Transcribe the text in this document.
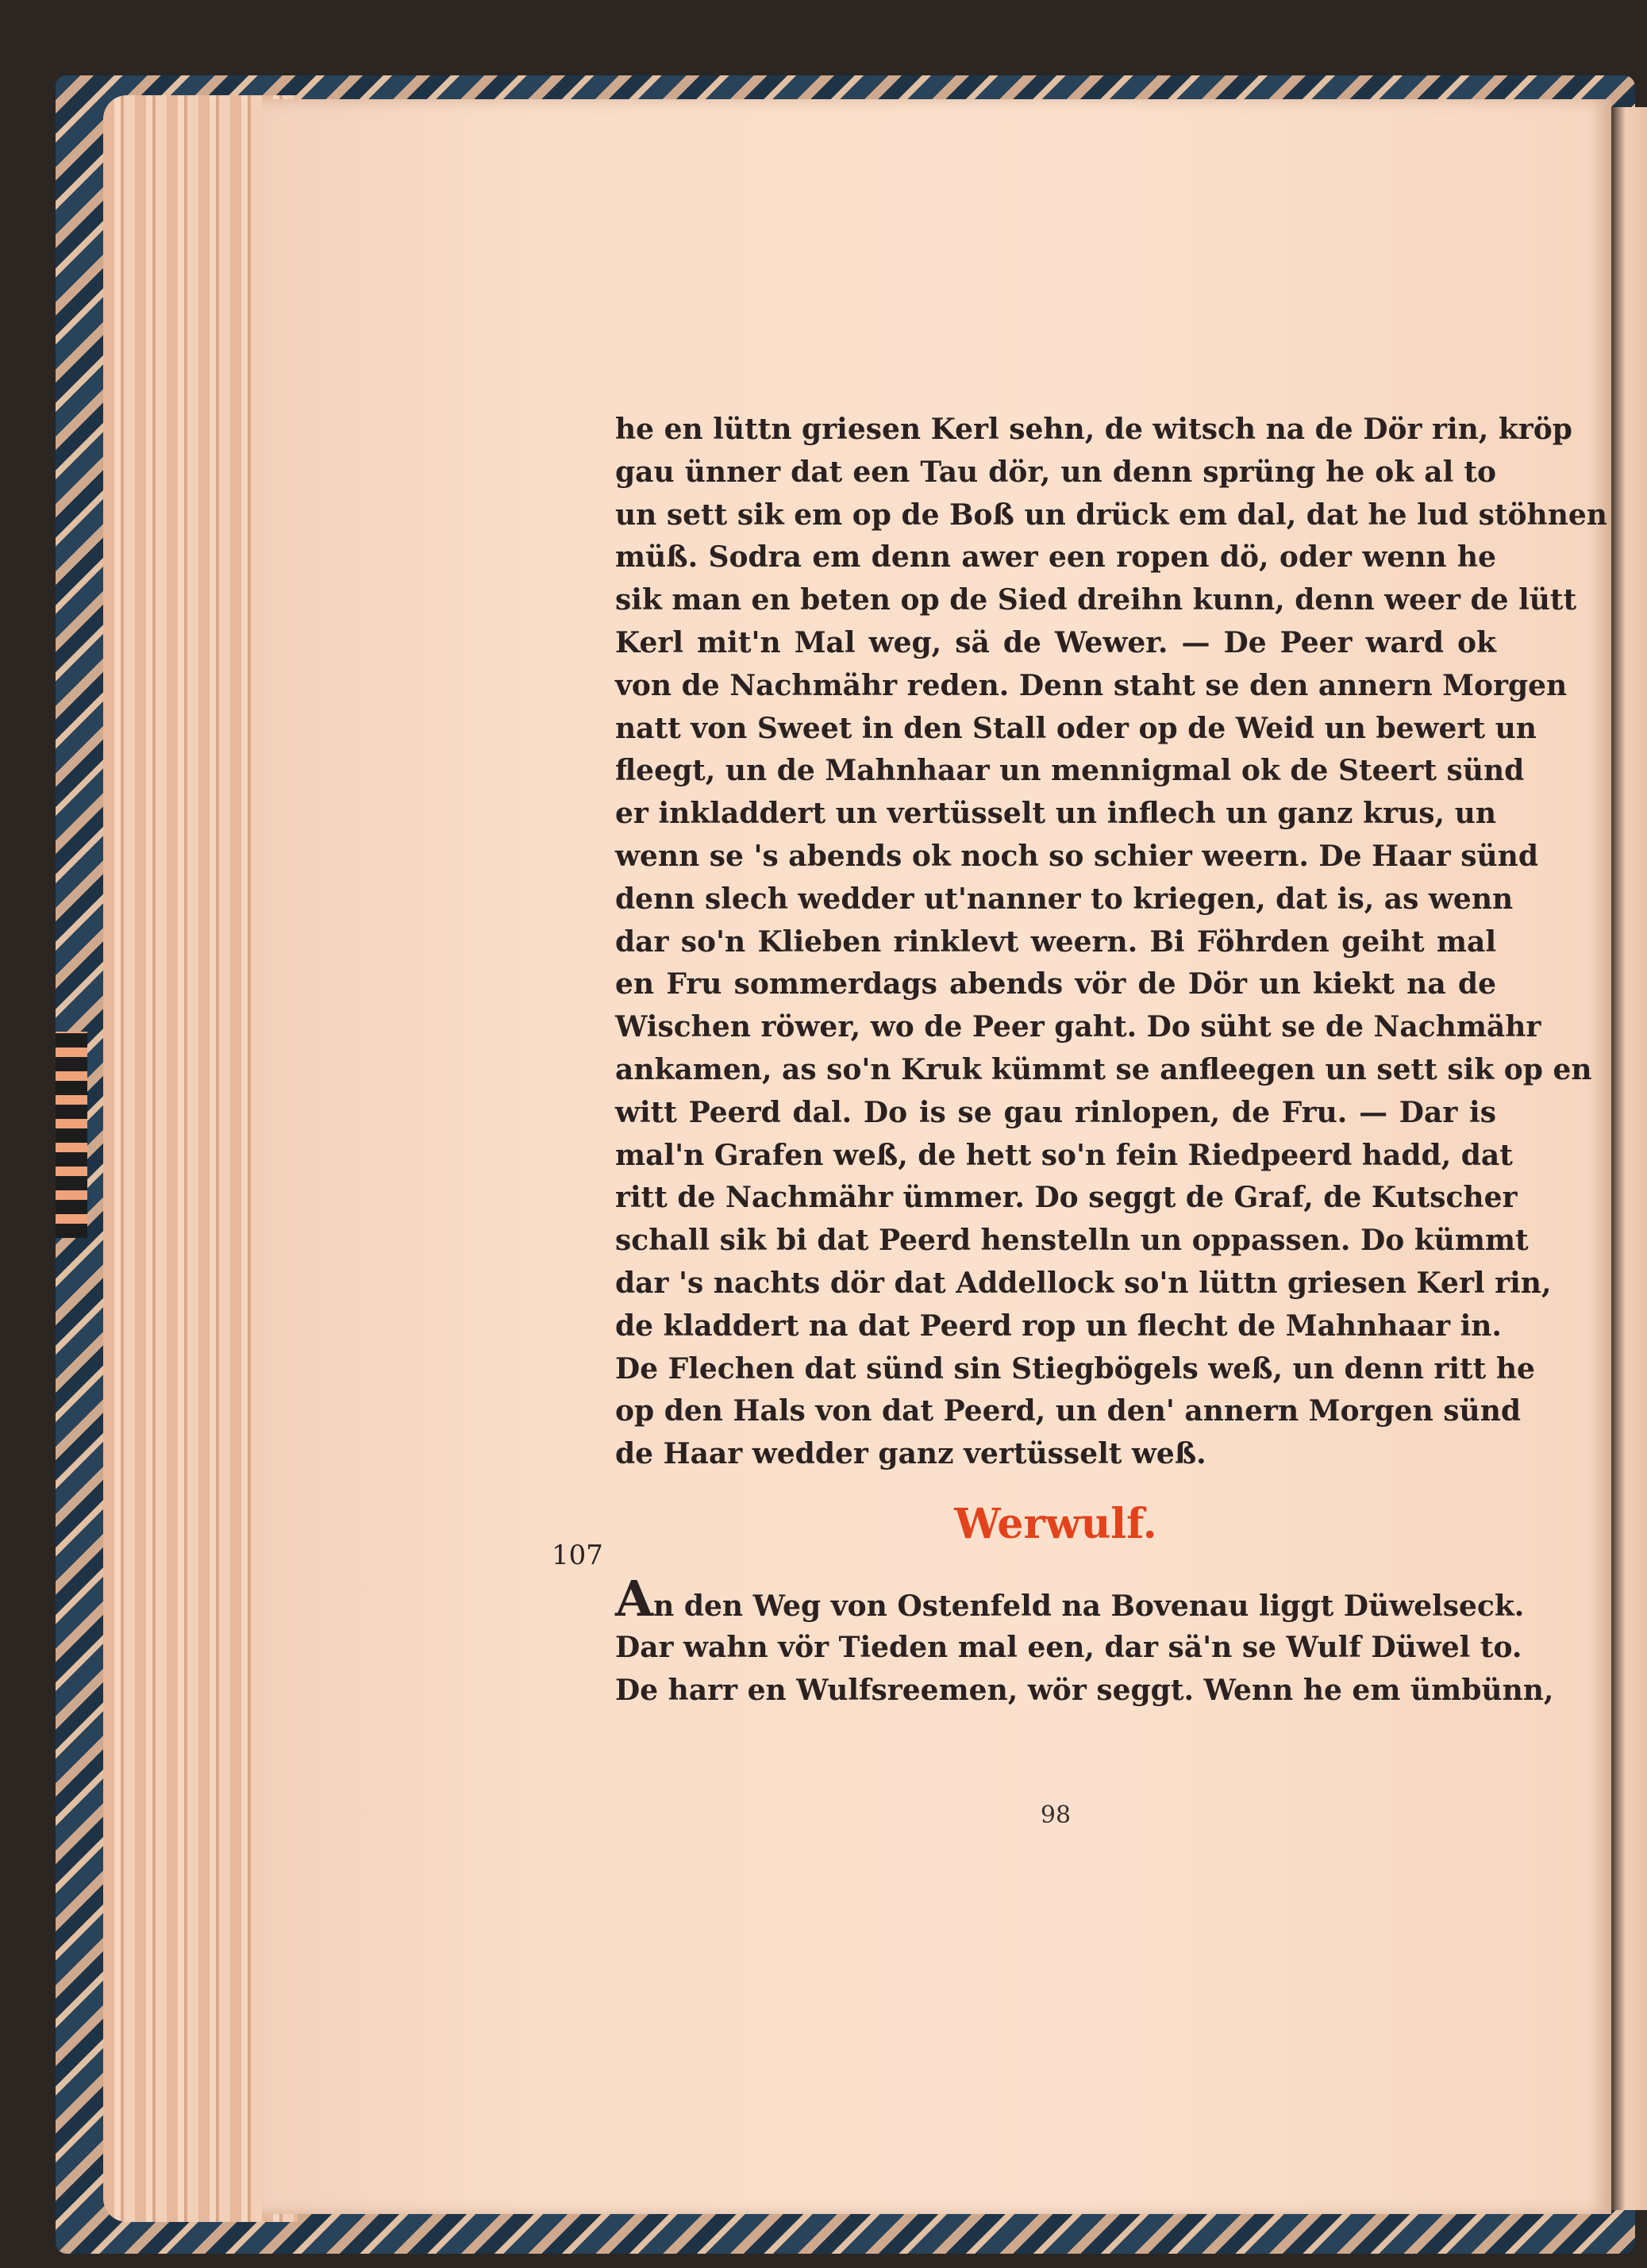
he en lüttn griesen Kerl sehn, de witsch na de Dör rin, kröp
gau ünner dat een Tau dör, un denn sprüng he ok al to
un sett sik em op de Boß un drück em dal, dat he lud stöhnen
müß. Sodra em denn awer een ropen dö, oder wenn he
sik man en beten op de Sied dreihn kunn, denn weer de lütt
Kerl mit'n Mal weg, sä de Wewer. — De Peer ward ok
von de Nachmähr reden. Denn staht se den annern Morgen
natt von Sweet in den Stall oder op de Weid un bewert un
fleegt, un de Mahnhaar un mennigmal ok de Steert sünd
er inkladdert un vertüsselt un inflech un ganz krus, un
wenn se 's abends ok noch so schier weern. De Haar sünd
denn slech wedder ut'nanner to kriegen, dat is, as wenn
dar so'n Klieben rinklevt weern. Bi Föhrden geiht mal
en Fru sommerdags abends vör de Dör un kiekt na de
Wischen röwer, wo de Peer gaht. Do süht se de Nachmähr
ankamen, as so'n Kruk kümmt se anfleegen un sett sik op en
witt Peerd dal. Do is se gau rinlopen, de Fru. — Dar is
mal'n Grafen weß, de hett so'n fein Riedpeerd hadd, dat
ritt de Nachmähr ümmer. Do seggt de Graf, de Kutscher
schall sik bi dat Peerd henstelln un oppassen. Do kümmt
dar 's nachts dör dat Addellock so'n lüttn griesen Kerl rin,
de kladdert na dat Peerd rop un flecht de Mahnhaar in.
De Flechen dat sünd sin Stiegbögels weß, un denn ritt he
op den Hals von dat Peerd, un den' annern Morgen sünd
de Haar wedder ganz vertüsselt weß.
107
Werwulf.
An den Weg von Ostenfeld na Bovenau liggt Düwelseck.
Dar wahn vör Tieden mal een, dar sä'n se Wulf Düwel to.
De harr en Wulfsreemen, wör seggt. Wenn he em ümbünn,
98
